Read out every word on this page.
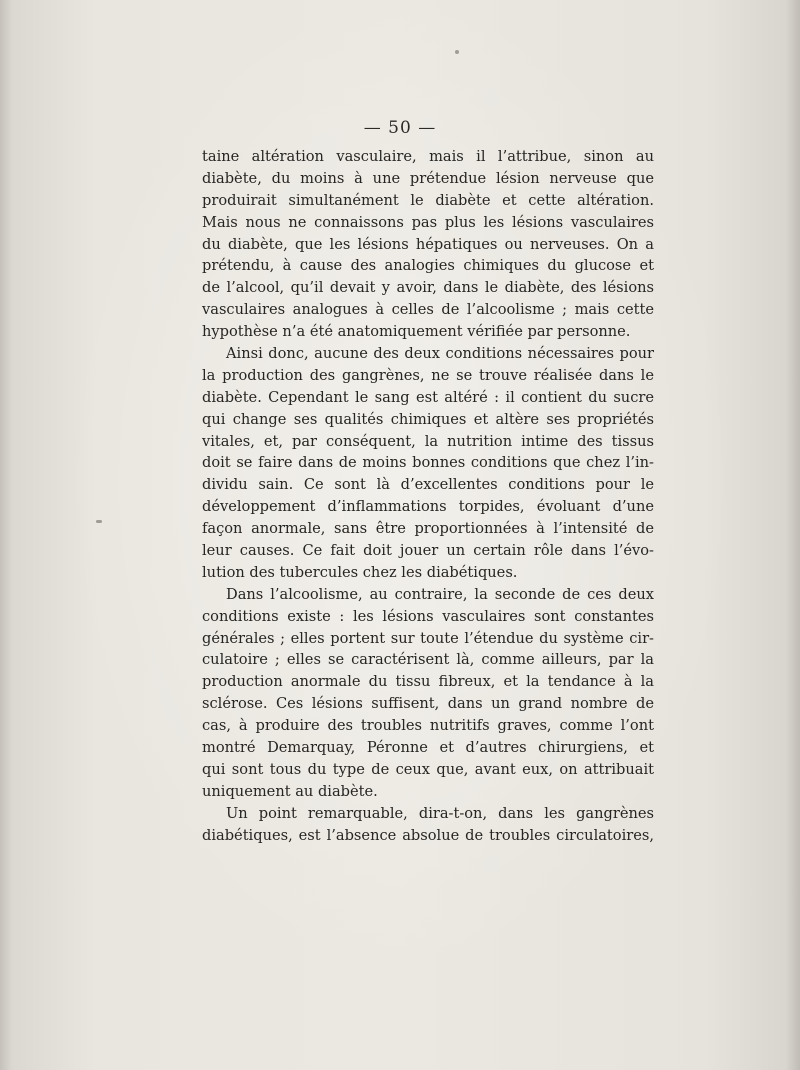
— 50 —
taine altération vasculaire, mais il l’attribue, sinon au
diabète, du moins à une prétendue lésion nerveuse que
produirait simultanément le diabète et cette altération.
Mais nous ne connaissons pas plus les lésions vasculaires
du diabète, que les lésions hépatiques ou nerveuses. On a
prétendu, à cause des analogies chimiques du glucose et
de l’alcool, qu’il devait y avoir, dans le diabète, des lésions
vasculaires analogues à celles de l’alcoolisme ; mais cette
hypothèse n’a été anatomiquement vérifiée par personne.
Ainsi donc, aucune des deux conditions nécessaires pour
la production des gangrènes, ne se trouve réalisée dans le
diabète. Cependant le sang est altéré : il contient du sucre
qui change ses qualités chimiques et altère ses propriétés
vitales, et, par conséquent, la nutrition intime des tissus
doit se faire dans de moins bonnes conditions que chez l’in-
dividu sain. Ce sont là d’excellentes conditions pour le
développement d’inflammations torpides, évoluant d’une
façon anormale, sans être proportionnées à l’intensité de
leur causes. Ce fait doit jouer un certain rôle dans l’évo-
lution des tubercules chez les diabétiques.
Dans l’alcoolisme, au contraire, la seconde de ces deux
conditions existe : les lésions vasculaires sont constantes
générales ; elles portent sur toute l’étendue du système cir-
culatoire ; elles se caractérisent là, comme ailleurs, par la
production anormale du tissu fibreux, et la tendance à la
sclérose. Ces lésions suffisent, dans un grand nombre de
cas, à produire des troubles nutritifs graves, comme l’ont
montré Demarquay, Péronne et d’autres chirurgiens, et
qui sont tous du type de ceux que, avant eux, on attribuait
uniquement au diabète.
Un point remarquable, dira-t-on, dans les gangrènes
diabétiques, est l’absence absolue de troubles circulatoires,
